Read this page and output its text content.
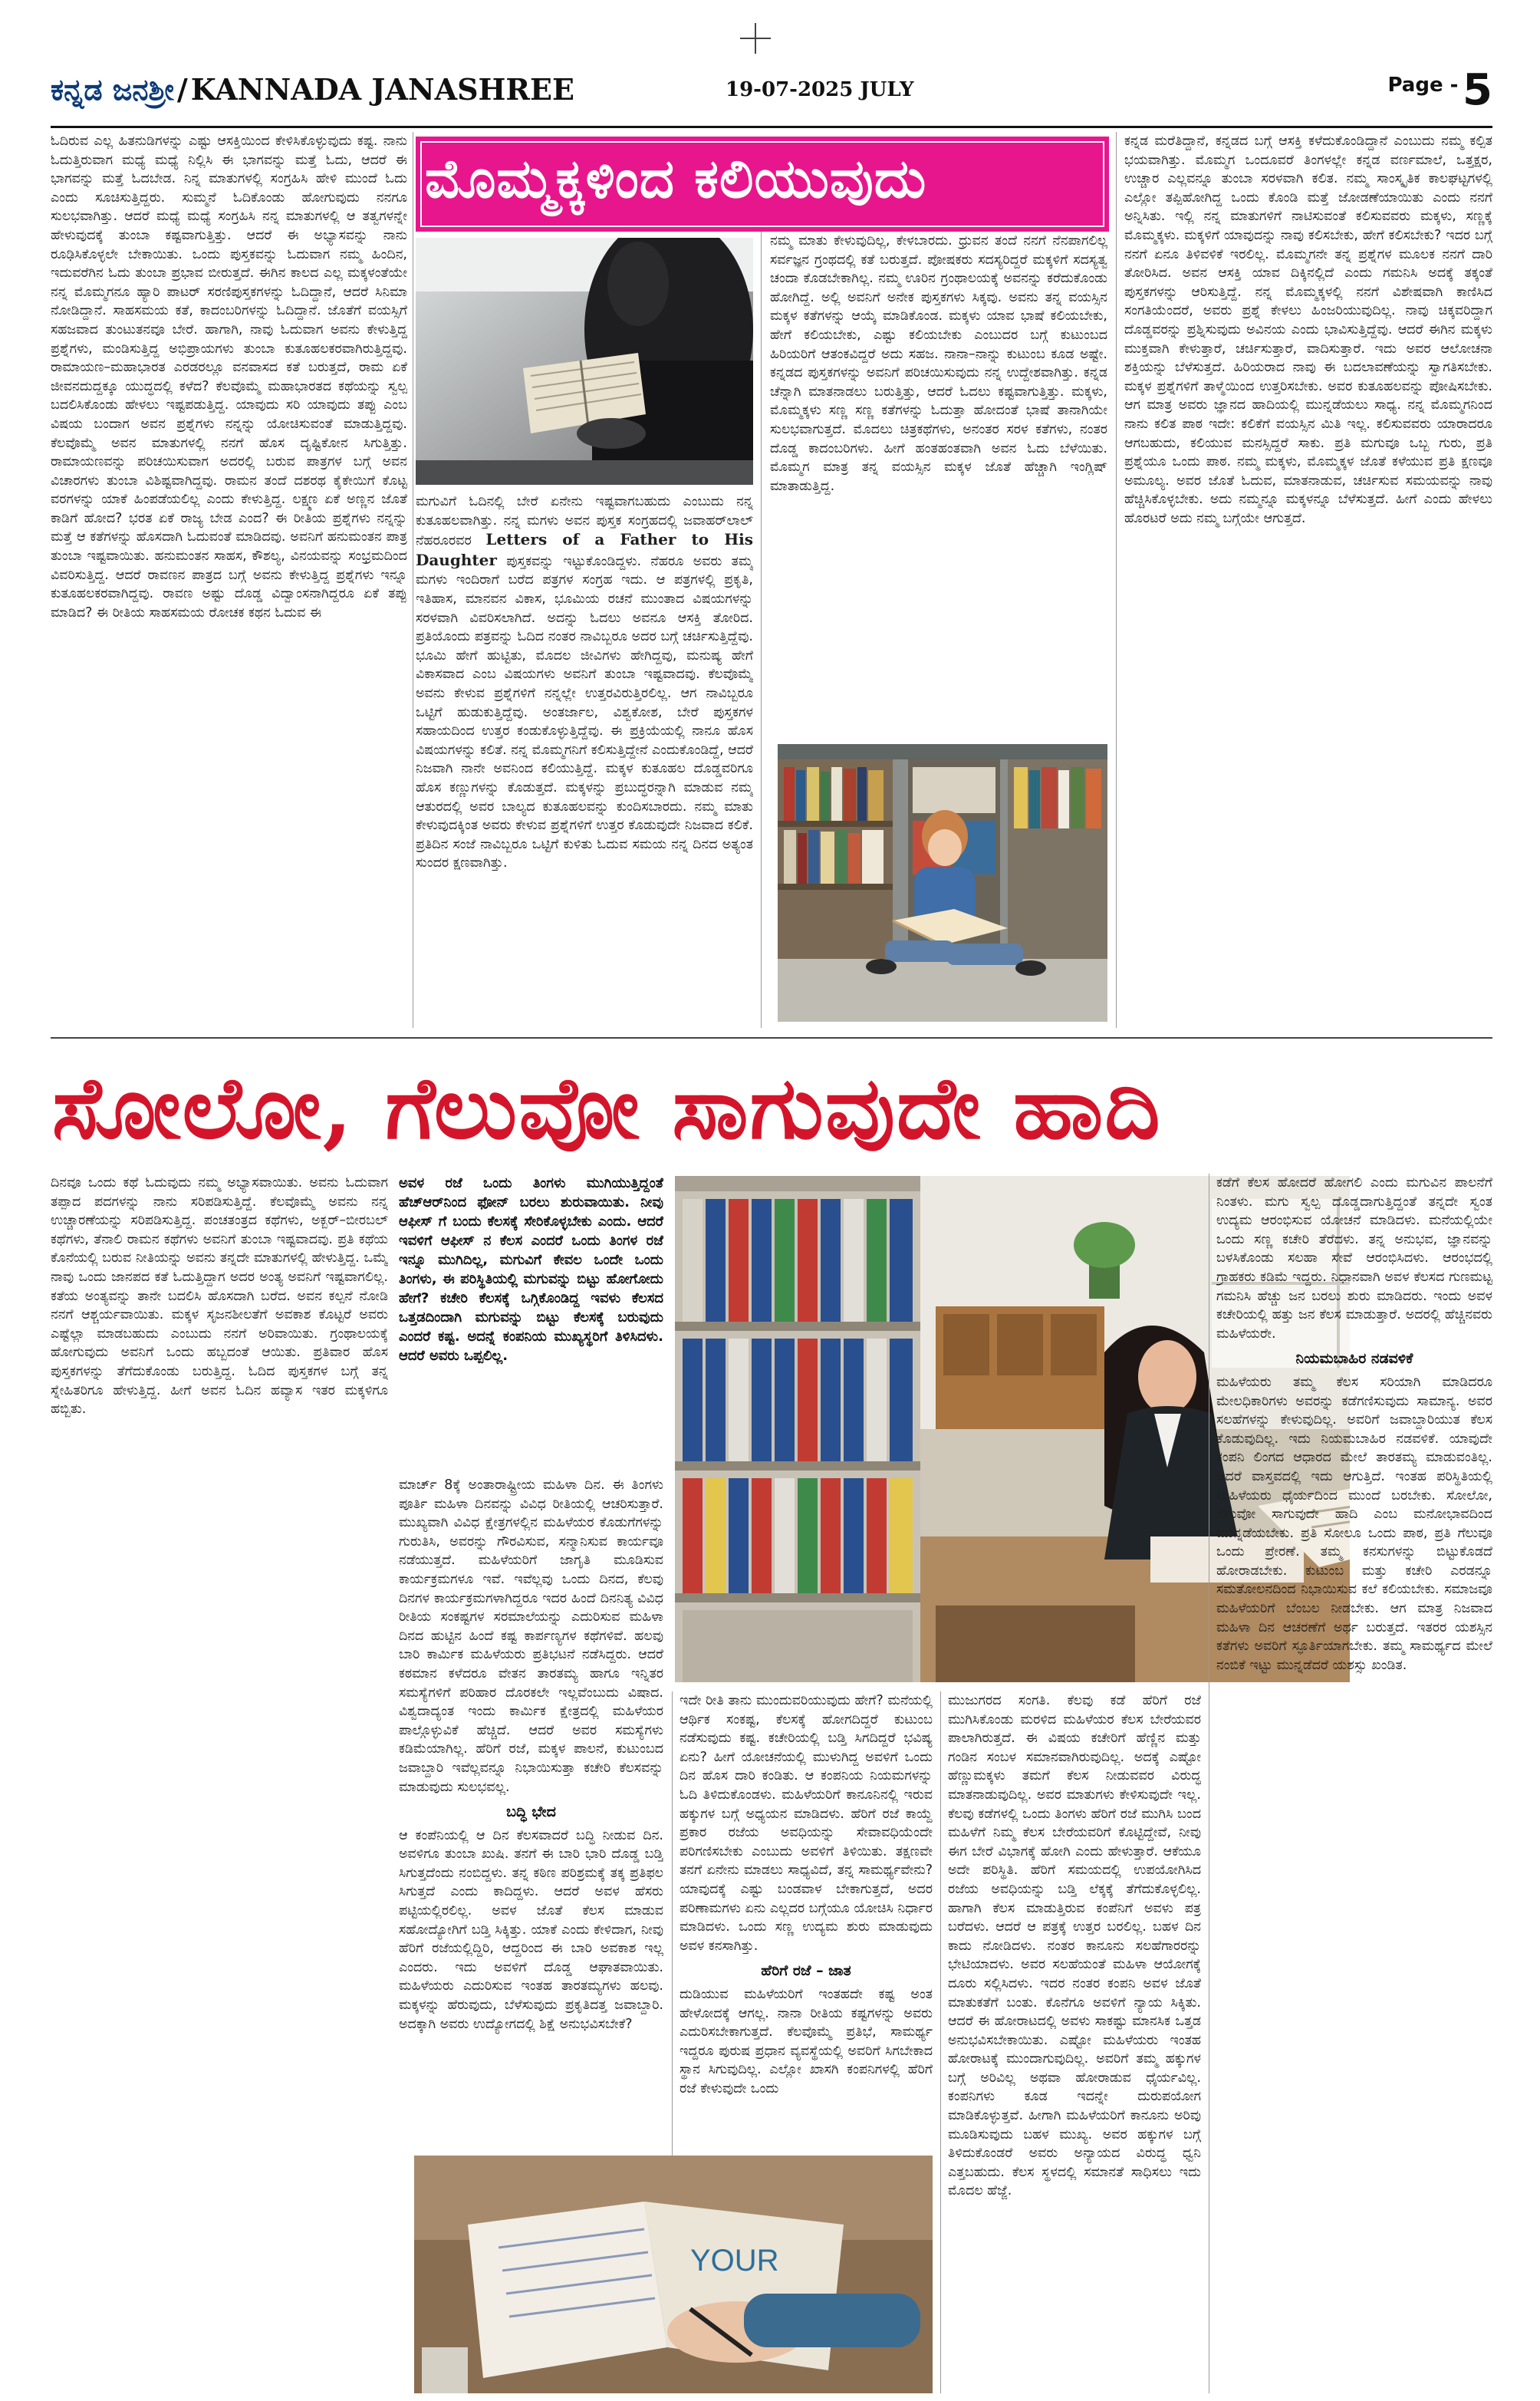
ಕನ್ನಡ ಜನಶ್ರೀ / KANNADA JANASHREE	19-07-2025 JULY	Page - 5
ಓದಿರುವ ಎಲ್ಲ ಹಿತನುಡಿಗಳನ್ನು ಎಷ್ಟು ಆಸಕ್ತಿಯಿಂದ ಕೇಳಿಸಿಕೊಳ್ಳುವುದು ಕಷ್ಟ. ನಾನು ಓದುತ್ತಿರುವಾಗ ಮಧ್ಯೆ ಮಧ್ಯೆ ನಿಲ್ಲಿಸಿ ಈ ಭಾಗವನ್ನು ಮತ್ತೆ ಓದು, ಆದರೆ ಈ ಭಾಗವನ್ನು ಮತ್ತೆ ಓದಬೇಡ. ನಿನ್ನ ಮಾತುಗಳಲ್ಲಿ ಸಂಗ್ರಹಿಸಿ ಹೇಳಿ ಮುಂದೆ ಓದು ಎಂದು ಸೂಚಿಸುತ್ತಿದ್ದರು. ಸುಮ್ಮನೆ ಓದಿಕೊಂಡು ಹೋಗುವುದು ನನಗೂ ಸುಲಭವಾಗಿತ್ತು. ಆದರೆ ಮಧ್ಯೆ ಮಧ್ಯೆ ಸಂಗ್ರಹಿಸಿ ನನ್ನ ಮಾತುಗಳಲ್ಲಿ ಆ ತತ್ವಗಳನ್ನೇ ಹೇಳುವುದಕ್ಕೆ ತುಂಬಾ ಕಷ್ಟವಾಗುತ್ತಿತ್ತು. ಆದರೆ ಈ ಅಭ್ಯಾಸವನ್ನು ನಾನು ರೂಢಿಸಿಕೊಳ್ಳಲೇ ಬೇಕಾಯಿತು. ಒಂದು ಪುಸ್ತಕವನ್ನು ಓದುವಾಗ ನಮ್ಮ ಹಿಂದಿನ, ಇದುವರೆಗಿನ ಓದು ತುಂಬಾ ಪ್ರಭಾವ ಬೀರುತ್ತದೆ. ಈಗಿನ ಕಾಲದ ಎಲ್ಲ ಮಕ್ಕಳಂತೆಯೇ ನನ್ನ ಮೊಮ್ಮಗನೂ ಹ್ಯಾರಿ ಪಾಟರ್ ಸರಣಿಪುಸ್ತಕಗಳನ್ನು ಓದಿದ್ದಾನೆ, ಆದರೆ ಸಿನಿಮಾ ನೋಡಿದ್ದಾನೆ. ಸಾಹಸಮಯ ಕತೆ, ಕಾದಂಬರಿಗಳನ್ನು ಓದಿದ್ದಾನೆ. ಜೊತೆಗೆ ವಯಸ್ಸಿಗೆ ಸಹಜವಾದ ತುಂಟುತನವೂ ಬೇರೆ. ಹಾಗಾಗಿ, ನಾವು ಓದುವಾಗ ಅವನು ಕೇಳುತ್ತಿದ್ದ ಪ್ರಶ್ನೆಗಳು, ಮಂಡಿಸುತ್ತಿದ್ದ ಅಭಿಪ್ರಾಯಗಳು ತುಂಬಾ ಕುತೂಹಲಕರವಾಗಿರುತ್ತಿದ್ದವು. ರಾಮಾಯಣ–ಮಹಾಭಾರತ ಎರಡರಲ್ಲೂ ವನವಾಸದ ಕತೆ ಬರುತ್ತದೆ, ರಾಮ ಏಕೆ ಜೀವನದುದ್ದಕ್ಕೂ ಯುದ್ಧದಲ್ಲಿ ಕಳೆದ? ಕೆಲವೊಮ್ಮೆ ಮಹಾಭಾರತದ ಕಥೆಯನ್ನು ಸ್ವಲ್ಪ ಬದಲಿಸಿಕೊಂಡು ಹೇಳಲು ಇಷ್ಟಪಡುತ್ತಿದ್ದ. ಯಾವುದು ಸರಿ ಯಾವುದು ತಪ್ಪು ಎಂಬ ವಿಷಯ ಬಂದಾಗ ಅವನ ಪ್ರಶ್ನೆಗಳು ನನ್ನನ್ನು ಯೋಚಿಸುವಂತೆ ಮಾಡುತ್ತಿದ್ದವು. ಕೆಲವೊಮ್ಮೆ ಅವನ ಮಾತುಗಳಲ್ಲಿ ನನಗೆ ಹೊಸ ದೃಷ್ಟಿಕೋನ ಸಿಗುತ್ತಿತ್ತು. ರಾಮಾಯಣವನ್ನು ಪರಿಚಯಿಸುವಾಗ ಅದರಲ್ಲಿ ಬರುವ ಪಾತ್ರಗಳ ಬಗ್ಗೆ ಅವನ ವಿಚಾರಗಳು ತುಂಬಾ ವಿಶಿಷ್ಟವಾಗಿದ್ದವು. ರಾಮನ ತಂದೆ ದಶರಥ ಕೈಕೇಯಿಗೆ ಕೊಟ್ಟ ವರಗಳನ್ನು ಯಾಕೆ ಹಿಂಪಡೆಯಲಿಲ್ಲ ಎಂದು ಕೇಳುತ್ತಿದ್ದ. ಲಕ್ಷ್ಮಣ ಏಕೆ ಅಣ್ಣನ ಜೊತೆ ಕಾಡಿಗೆ ಹೋದ? ಭರತ ಏಕೆ ರಾಜ್ಯ ಬೇಡ ಎಂದ? ಈ ರೀತಿಯ ಪ್ರಶ್ನೆಗಳು ನನ್ನನ್ನು ಮತ್ತೆ ಆ ಕತೆಗಳನ್ನು ಹೊಸದಾಗಿ ಓದುವಂತೆ ಮಾಡಿದವು. ಅವನಿಗೆ ಹನುಮಂತನ ಪಾತ್ರ ತುಂಬಾ ಇಷ್ಟವಾಯಿತು. ಹನುಮಂತನ ಸಾಹಸ, ಕೌಶಲ್ಯ, ವಿನಯವನ್ನು ಸಂಭ್ರಮದಿಂದ ವಿವರಿಸುತ್ತಿದ್ದ. ಆದರೆ ರಾವಣನ ಪಾತ್ರದ ಬಗ್ಗೆ ಅವನು ಕೇಳುತ್ತಿದ್ದ ಪ್ರಶ್ನೆಗಳು ಇನ್ನೂ ಕುತೂಹಲಕರವಾಗಿದ್ದವು. ರಾವಣ ಅಷ್ಟು ದೊಡ್ಡ ವಿದ್ವಾಂಸನಾಗಿದ್ದರೂ ಏಕೆ ತಪ್ಪು ಮಾಡಿದ? ಈ ರೀತಿಯ ಸಾಹಸಮಯ ರೋಚಕ ಕಥನ ಓದುವ ಈ
ಮೊಮ್ಮಕ್ಕಳಿಂದ ಕಲಿಯುವುದು
ಮಗುವಿಗೆ ಓದಿನಲ್ಲಿ ಬೇರೆ ಏನೇನು ಇಷ್ಟವಾಗಬಹುದು ಎಂಬುದು ನನ್ನ ಕುತೂಹಲವಾಗಿತ್ತು. ನನ್ನ ಮಗಳು ಅವನ ಪುಸ್ತಕ ಸಂಗ್ರಹದಲ್ಲಿ ಜವಾಹರ್‌ಲಾಲ್ ನೆಹರೂರವರ Letters of a Father to His Daughter ಪುಸ್ತಕವನ್ನು ಇಟ್ಟುಕೊಂಡಿದ್ದಳು. ನೆಹರೂ ಅವರು ತಮ್ಮ ಮಗಳು ಇಂದಿರಾಗೆ ಬರೆದ ಪತ್ರಗಳ ಸಂಗ್ರಹ ಇದು. ಆ ಪತ್ರಗಳಲ್ಲಿ ಪ್ರಕೃತಿ, ಇತಿಹಾಸ, ಮಾನವನ ವಿಕಾಸ, ಭೂಮಿಯ ರಚನೆ ಮುಂತಾದ ವಿಷಯಗಳನ್ನು ಸರಳವಾಗಿ ವಿವರಿಸಲಾಗಿದೆ. ಅದನ್ನು ಓದಲು ಅವನೂ ಆಸಕ್ತಿ ತೋರಿದ. ಪ್ರತಿಯೊಂದು ಪತ್ರವನ್ನು ಓದಿದ ನಂತರ ನಾವಿಬ್ಬರೂ ಅದರ ಬಗ್ಗೆ ಚರ್ಚಿಸುತ್ತಿದ್ದೆವು. ಭೂಮಿ ಹೇಗೆ ಹುಟ್ಟಿತು, ಮೊದಲ ಜೀವಿಗಳು ಹೇಗಿದ್ದವು, ಮನುಷ್ಯ ಹೇಗೆ ವಿಕಾಸವಾದ ಎಂಬ ವಿಷಯಗಳು ಅವನಿಗೆ ತುಂಬಾ ಇಷ್ಟವಾದವು. ಕೆಲವೊಮ್ಮೆ ಅವನು ಕೇಳುವ ಪ್ರಶ್ನೆಗಳಿಗೆ ನನ್ನಲ್ಲೇ ಉತ್ತರವಿರುತ್ತಿರಲಿಲ್ಲ. ಆಗ ನಾವಿಬ್ಬರೂ ಒಟ್ಟಿಗೆ ಹುಡುಕುತ್ತಿದ್ದೆವು. ಅಂತರ್ಜಾಲ, ವಿಶ್ವಕೋಶ, ಬೇರೆ ಪುಸ್ತಕಗಳ ಸಹಾಯದಿಂದ ಉತ್ತರ ಕಂಡುಕೊಳ್ಳುತ್ತಿದ್ದೆವು. ಈ ಪ್ರಕ್ರಿಯೆಯಲ್ಲಿ ನಾನೂ ಹೊಸ ವಿಷಯಗಳನ್ನು ಕಲಿತೆ. ನನ್ನ ಮೊಮ್ಮಗನಿಗೆ ಕಲಿಸುತ್ತಿದ್ದೇನೆ ಎಂದುಕೊಂಡಿದ್ದೆ, ಆದರೆ ನಿಜವಾಗಿ ನಾನೇ ಅವನಿಂದ ಕಲಿಯುತ್ತಿದ್ದೆ. ಮಕ್ಕಳ ಕುತೂಹಲ ದೊಡ್ಡವರಿಗೂ ಹೊಸ ಕಣ್ಣುಗಳನ್ನು ಕೊಡುತ್ತದೆ. ಮಕ್ಕಳನ್ನು ಪ್ರಬುದ್ಧರನ್ನಾಗಿ ಮಾಡುವ ನಮ್ಮ ಆತುರದಲ್ಲಿ ಅವರ ಬಾಲ್ಯದ ಕುತೂಹಲವನ್ನು ಕುಂದಿಸಬಾರದು. ನಮ್ಮ ಮಾತು ಕೇಳುವುದಕ್ಕಿಂತ ಅವರು ಕೇಳುವ ಪ್ರಶ್ನೆಗಳಿಗೆ ಉತ್ತರ ಕೊಡುವುದೇ ನಿಜವಾದ ಕಲಿಕೆ. ಪ್ರತಿದಿನ ಸಂಜೆ ನಾವಿಬ್ಬರೂ ಒಟ್ಟಿಗೆ ಕುಳಿತು ಓದುವ ಸಮಯ ನನ್ನ ದಿನದ ಅತ್ಯಂತ ಸುಂದರ ಕ್ಷಣವಾಗಿತ್ತು.
ನಮ್ಮ ಮಾತು ಕೇಳುವುದಿಲ್ಲ, ಕೇಳಬಾರದು. ಧ್ರುವನ ತಂದೆ ನನಗೆ ನೆನಪಾಗಲಿಲ್ಲ ಸರ್ವಜ್ಞನ ಗ್ರಂಥದಲ್ಲಿ ಕತೆ ಬರುತ್ತದೆ. ಪೋಷಕರು ಸದಸ್ಯರಿದ್ದರೆ ಮಕ್ಕಳಿಗೆ ಸದಸ್ಯತ್ವ ಚಂದಾ ಕೊಡಬೇಕಾಗಿಲ್ಲ. ನಮ್ಮ ಊರಿನ ಗ್ರಂಥಾಲಯಕ್ಕೆ ಅವನನ್ನು ಕರೆದುಕೊಂಡು ಹೋಗಿದ್ದೆ. ಅಲ್ಲಿ ಅವನಿಗೆ ಅನೇಕ ಪುಸ್ತಕಗಳು ಸಿಕ್ಕವು. ಅವನು ತನ್ನ ವಯಸ್ಸಿನ ಮಕ್ಕಳ ಕತೆಗಳನ್ನು ಆಯ್ಕೆ ಮಾಡಿಕೊಂಡ. ಮಕ್ಕಳು ಯಾವ ಭಾಷೆ ಕಲಿಯಬೇಕು, ಹೇಗೆ ಕಲಿಯಬೇಕು, ಎಷ್ಟು ಕಲಿಯಬೇಕು ಎಂಬುದರ ಬಗ್ಗೆ ಕುಟುಂಬದ ಹಿರಿಯರಿಗೆ ಆತಂಕವಿದ್ದರೆ ಅದು ಸಹಜ. ನಾನಾ–ನಾನ್ನು ಕುಟುಂಬ ಕೂಡ ಅಷ್ಟೇ. ಕನ್ನಡದ ಪುಸ್ತಕಗಳನ್ನು ಅವನಿಗೆ ಪರಿಚಯಿಸುವುದು ನನ್ನ ಉದ್ದೇಶವಾಗಿತ್ತು. ಕನ್ನಡ ಚೆನ್ನಾಗಿ ಮಾತನಾಡಲು ಬರುತ್ತಿತ್ತು, ಆದರೆ ಓದಲು ಕಷ್ಟವಾಗುತ್ತಿತ್ತು. ಮಕ್ಕಳು, ಮೊಮ್ಮಕ್ಕಳು ಸಣ್ಣ ಸಣ್ಣ ಕತೆಗಳನ್ನು ಓದುತ್ತಾ ಹೋದಂತೆ ಭಾಷೆ ತಾನಾಗಿಯೇ ಸುಲಭವಾಗುತ್ತದೆ. ಮೊದಲು ಚಿತ್ರಕಥೆಗಳು, ಅನಂತರ ಸರಳ ಕತೆಗಳು, ನಂತರ ದೊಡ್ಡ ಕಾದಂಬರಿಗಳು. ಹೀಗೆ ಹಂತಹಂತವಾಗಿ ಅವನ ಓದು ಬೆಳೆಯಿತು. ಮೊಮ್ಮಗ ಮಾತ್ರ ತನ್ನ ವಯಸ್ಸಿನ ಮಕ್ಕಳ ಜೊತೆ ಹೆಚ್ಚಾಗಿ ಇಂಗ್ಲಿಷ್ ಮಾತಾಡುತ್ತಿದ್ದ.
ಕನ್ನಡ ಮರೆತಿದ್ದಾನೆ, ಕನ್ನಡದ ಬಗ್ಗೆ ಆಸಕ್ತಿ ಕಳೆದುಕೊಂಡಿದ್ದಾನೆ ಎಂಬುದು ನಮ್ಮ ಕಲ್ಪಿತ ಭಯವಾಗಿತ್ತು. ಮೊಮ್ಮಗ ಒಂದೂವರೆ ತಿಂಗಳಲ್ಲೇ ಕನ್ನಡ ವರ್ಣಮಾಲೆ, ಒತ್ತಕ್ಷರ, ಉಚ್ಚಾರ ಎಲ್ಲವನ್ನೂ ತುಂಬಾ ಸರಳವಾಗಿ ಕಲಿತ. ನಮ್ಮ ಸಾಂಸ್ಕೃತಿಕ ಕಾಲಘಟ್ಟಗಳಲ್ಲಿ ಎಲ್ಲೋ ತಪ್ಪಿಹೋಗಿದ್ದ ಒಂದು ಕೊಂಡಿ ಮತ್ತೆ ಜೋಡಣೆಯಾಯಿತು ಎಂದು ನನಗೆ ಅನ್ನಿಸಿತು. ಇಲ್ಲಿ ನನ್ನ ಮಾತುಗಳಿಗೆ ನಾಟಿಸುವಂತೆ ಕಲಿಸುವವರು ಮಕ್ಕಳು, ಸಣ್ಣಕ್ಕೆ ಮೊಮ್ಮಕ್ಕಳು. ಮಕ್ಕಳಿಗೆ ಯಾವುದನ್ನು ನಾವು ಕಲಿಸಬೇಕು, ಹೇಗೆ ಕಲಿಸಬೇಕು? ಇದರ ಬಗ್ಗೆ ನನಗೆ ಏನೂ ತಿಳಿವಳಿಕೆ ಇರಲಿಲ್ಲ. ಮೊಮ್ಮಗನೇ ತನ್ನ ಪ್ರಶ್ನೆಗಳ ಮೂಲಕ ನನಗೆ ದಾರಿ ತೋರಿಸಿದ. ಅವನ ಆಸಕ್ತಿ ಯಾವ ದಿಕ್ಕಿನಲ್ಲಿದೆ ಎಂದು ಗಮನಿಸಿ ಅದಕ್ಕೆ ತಕ್ಕಂತೆ ಪುಸ್ತಕಗಳನ್ನು ಆರಿಸುತ್ತಿದ್ದೆ. ನನ್ನ ಮೊಮ್ಮಕ್ಕಳಲ್ಲಿ ನನಗೆ ವಿಶೇಷವಾಗಿ ಕಾಣಿಸಿದ ಸಂಗತಿಯೆಂದರೆ, ಅವರು ಪ್ರಶ್ನೆ ಕೇಳಲು ಹಿಂಜರಿಯುವುದಿಲ್ಲ. ನಾವು ಚಿಕ್ಕವರಿದ್ದಾಗ ದೊಡ್ಡವರನ್ನು ಪ್ರಶ್ನಿಸುವುದು ಅವಿನಯ ಎಂದು ಭಾವಿಸುತ್ತಿದ್ದೆವು. ಆದರೆ ಈಗಿನ ಮಕ್ಕಳು ಮುಕ್ತವಾಗಿ ಕೇಳುತ್ತಾರೆ, ಚರ್ಚಿಸುತ್ತಾರೆ, ವಾದಿಸುತ್ತಾರೆ. ಇದು ಅವರ ಆಲೋಚನಾ ಶಕ್ತಿಯನ್ನು ಬೆಳೆಸುತ್ತದೆ. ಹಿರಿಯರಾದ ನಾವು ಈ ಬದಲಾವಣೆಯನ್ನು ಸ್ವಾಗತಿಸಬೇಕು. ಮಕ್ಕಳ ಪ್ರಶ್ನೆಗಳಿಗೆ ತಾಳ್ಮೆಯಿಂದ ಉತ್ತರಿಸಬೇಕು. ಅವರ ಕುತೂಹಲವನ್ನು ಪೋಷಿಸಬೇಕು. ಆಗ ಮಾತ್ರ ಅವರು ಜ್ಞಾನದ ಹಾದಿಯಲ್ಲಿ ಮುನ್ನಡೆಯಲು ಸಾಧ್ಯ. ನನ್ನ ಮೊಮ್ಮಗನಿಂದ ನಾನು ಕಲಿತ ಪಾಠ ಇದೇ: ಕಲಿಕೆಗೆ ವಯಸ್ಸಿನ ಮಿತಿ ಇಲ್ಲ. ಕಲಿಸುವವರು ಯಾರಾದರೂ ಆಗಬಹುದು, ಕಲಿಯುವ ಮನಸ್ಸಿದ್ದರೆ ಸಾಕು. ಪ್ರತಿ ಮಗುವೂ ಒಬ್ಬ ಗುರು, ಪ್ರತಿ ಪ್ರಶ್ನೆಯೂ ಒಂದು ಪಾಠ. ನಮ್ಮ ಮಕ್ಕಳು, ಮೊಮ್ಮಕ್ಕಳ ಜೊತೆ ಕಳೆಯುವ ಪ್ರತಿ ಕ್ಷಣವೂ ಅಮೂಲ್ಯ. ಅವರ ಜೊತೆ ಓದುವ, ಮಾತನಾಡುವ, ಚರ್ಚಿಸುವ ಸಮಯವನ್ನು ನಾವು ಹೆಚ್ಚಿಸಿಕೊಳ್ಳಬೇಕು. ಅದು ನಮ್ಮನ್ನೂ ಮಕ್ಕಳನ್ನೂ ಬೆಳೆಸುತ್ತದೆ. ಹೀಗೆ ಎಂದು ಹೇಳಲು ಹೊರಟರೆ ಅದು ನಮ್ಮ ಬಗ್ಗೆಯೇ ಆಗುತ್ತದೆ.
ಸೋಲೋ, ಗೆಲುವೋ ಸಾಗುವುದೇ ಹಾದಿ
ಅವಳ ರಜೆ ಒಂದು ತಿಂಗಳು ಮುಗಿಯುತ್ತಿದ್ದಂತೆ ಹೆಚ್‌ಆರ್‌ನಿಂದ ಫೋನ್ ಬರಲು ಶುರುವಾಯಿತು. ನೀವು ಆಫೀಸ್ ಗೆ ಬಂದು ಕೆಲಸಕ್ಕೆ ಸೇರಿಕೊಳ್ಳಬೇಕು ಎಂದು. ಆದರೆ ಇವಳಿಗೆ ಆಫೀಸ್ ನ ಕೆಲಸ ಎಂದರೆ ಒಂದು ತಿಂಗಳ ರಜೆ ಇನ್ನೂ ಮುಗಿದಿಲ್ಲ, ಮಗುವಿಗೆ ಕೇವಲ ಒಂದೇ ಒಂದು ತಿಂಗಳು, ಈ ಪರಿಸ್ಥಿತಿಯಲ್ಲಿ ಮಗುವನ್ನು ಬಿಟ್ಟು ಹೋಗೋದು ಹೇಗೆ? ಕಚೇರಿ ಕೆಲಸಕ್ಕೆ ಒಗ್ಗಿಕೊಂಡಿದ್ದ ಇವಳು ಕೆಲಸದ ಒತ್ತಡದಿಂದಾಗಿ ಮಗುವನ್ನು ಬಿಟ್ಟು ಕೆಲಸಕ್ಕೆ ಬರುವುದು ಎಂದರೆ ಕಷ್ಟ. ಅದನ್ನೆ ಕಂಪನಿಯ ಮುಖ್ಯಸ್ಥರಿಗೆ ತಿಳಿಸಿದಳು. ಆದರೆ ಅವರು ಒಪ್ಪಲಿಲ್ಲ.
ಮಾರ್ಚ್ 8ಕ್ಕೆ ಅಂತಾರಾಷ್ಟ್ರೀಯ ಮಹಿಳಾ ದಿನ. ಈ ತಿಂಗಳು ಪೂರ್ತಿ ಮಹಿಳಾ ದಿನವನ್ನು ವಿವಿಧ ರೀತಿಯಲ್ಲಿ ಆಚರಿಸುತ್ತಾರೆ. ಮುಖ್ಯವಾಗಿ ವಿವಿಧ ಕ್ಷೇತ್ರಗಳಲ್ಲಿನ ಮಹಿಳೆಯರ ಕೊಡುಗೆಗಳನ್ನು ಗುರುತಿಸಿ, ಅವರನ್ನು ಗೌರವಿಸುವ, ಸನ್ಮಾನಿಸುವ ಕಾರ್ಯವೂ ನಡೆಯುತ್ತದೆ. ಮಹಿಳೆಯರಿಗೆ ಜಾಗೃತಿ ಮೂಡಿಸುವ ಕಾರ್ಯಕ್ರಮಗಳೂ ಇವೆ. ಇವೆಲ್ಲವು ಒಂದು ದಿನದ, ಕೆಲವು ದಿನಗಳ ಕಾರ್ಯಕ್ರಮಗಳಾಗಿದ್ದರೂ ಇದರ ಹಿಂದೆ ದಿನನಿತ್ಯ ವಿವಿಧ ರೀತಿಯ ಸಂಕಷ್ಟಗಳ ಸರಮಾಲೆಯನ್ನು ಎದುರಿಸುವ ಮಹಿಳಾ ದಿನದ ಹುಟ್ಟಿನ ಹಿಂದೆ ಕಷ್ಟ ಕಾರ್ಪಣ್ಯಗಳ ಕಥೆಗಳಿವೆ. ಹಲವು ಬಾರಿ ಕಾರ್ಮಿಕ ಮಹಿಳೆಯರು ಪ್ರತಿಭಟನೆ ನಡೆಸಿದ್ದರು. ಆದರೆ ಕಠಮಾನ ಕಳೆದರೂ ವೇತನ ತಾರತಮ್ಯ ಹಾಗೂ ಇನ್ನಿತರ ಸಮಸ್ಯೆಗಳಿಗೆ ಪರಿಹಾರ ದೊರಕಲೇ ಇಲ್ಲವೆಂಬುದು ವಿಷಾದ. ವಿಶ್ವದಾದ್ಯಂತ ಇಂದು ಕಾರ್ಮಿಕ ಕ್ಷೇತ್ರದಲ್ಲಿ ಮಹಿಳೆಯರ ಪಾಲ್ಗೊಳ್ಳುವಿಕೆ ಹೆಚ್ಚಿದೆ. ಆದರೆ ಅವರ ಸಮಸ್ಯೆಗಳು ಕಡಿಮೆಯಾಗಿಲ್ಲ. ಹೆರಿಗೆ ರಜೆ, ಮಕ್ಕಳ ಪಾಲನೆ, ಕುಟುಂಬದ ಜವಾಬ್ದಾರಿ ಇವೆಲ್ಲವನ್ನೂ ನಿಭಾಯಿಸುತ್ತಾ ಕಚೇರಿ ಕೆಲಸವನ್ನು ಮಾಡುವುದು ಸುಲಭವಲ್ಲ.
ಬದ್ಧಿ ಭೇದ
ಆ ಕಂಪೆನಿಯಲ್ಲಿ ಆ ದಿನ ಕೆಲಸವಾದರೆ ಬದ್ಧಿ ನೀಡುವ ದಿನ. ಅವಳಿಗೂ ತುಂಬಾ ಖುಷಿ. ತನಗೆ ಈ ಬಾರಿ ಭಾರಿ ದೊಡ್ಡ ಬಡ್ತಿ ಸಿಗುತ್ತದೆಂದು ನಂಬಿದ್ದಳು. ತನ್ನ ಕಠಿಣ ಪರಿಶ್ರಮಕ್ಕೆ ತಕ್ಕ ಪ್ರತಿಫಲ ಸಿಗುತ್ತದೆ ಎಂದು ಕಾದಿದ್ದಳು. ಆದರೆ ಅವಳ ಹೆಸರು ಪಟ್ಟಿಯಲ್ಲಿರಲಿಲ್ಲ. ಅವಳ ಜೊತೆ ಕೆಲಸ ಮಾಡುವ ಸಹೋದ್ಯೋಗಿಗೆ ಬಡ್ತಿ ಸಿಕ್ಕಿತ್ತು. ಯಾಕೆ ಎಂದು ಕೇಳಿದಾಗ, ನೀವು ಹೆರಿಗೆ ರಜೆಯಲ್ಲಿದ್ದಿರಿ, ಆದ್ದರಿಂದ ಈ ಬಾರಿ ಅವಕಾಶ ಇಲ್ಲ ಎಂದರು. ಇದು ಅವಳಿಗೆ ದೊಡ್ಡ ಆಘಾತವಾಯಿತು. ಮಹಿಳೆಯರು ಎದುರಿಸುವ ಇಂತಹ ತಾರತಮ್ಯಗಳು ಹಲವು. ಮಕ್ಕಳನ್ನು ಹೆರುವುದು, ಬೆಳೆಸುವುದು ಪ್ರಕೃತಿದತ್ತ ಜವಾಬ್ದಾರಿ. ಅದಕ್ಕಾಗಿ ಅವರು ಉದ್ಯೋಗದಲ್ಲಿ ಶಿಕ್ಷೆ ಅನುಭವಿಸಬೇಕೆ?
ಇದೇ ರೀತಿ ತಾನು ಮುಂದುವರಿಯುವುದು ಹೇಗೆ? ಮನೆಯಲ್ಲಿ ಆರ್ಥಿಕ ಸಂಕಷ್ಟ, ಕೆಲಸಕ್ಕೆ ಹೋಗದಿದ್ದರೆ ಕುಟುಂಬ ನಡೆಸುವುದು ಕಷ್ಟ. ಕಚೇರಿಯಲ್ಲಿ ಬಡ್ತಿ ಸಿಗದಿದ್ದರೆ ಭವಿಷ್ಯ ಏನು? ಹೀಗೆ ಯೋಚನೆಯಲ್ಲಿ ಮುಳುಗಿದ್ದ ಅವಳಿಗೆ ಒಂದು ದಿನ ಹೊಸ ದಾರಿ ಕಂಡಿತು. ಆ ಕಂಪನಿಯ ನಿಯಮಗಳನ್ನು ಓದಿ ತಿಳಿದುಕೊಂಡಳು. ಮಹಿಳೆಯರಿಗೆ ಕಾನೂನಿನಲ್ಲಿ ಇರುವ ಹಕ್ಕುಗಳ ಬಗ್ಗೆ ಅಧ್ಯಯನ ಮಾಡಿದಳು. ಹೆರಿಗೆ ರಜೆ ಕಾಯ್ದೆ ಪ್ರಕಾರ ರಜೆಯ ಅವಧಿಯನ್ನು ಸೇವಾವಧಿಯೆಂದೇ ಪರಿಗಣಿಸಬೇಕು ಎಂಬುದು ಅವಳಿಗೆ ತಿಳಿಯಿತು. ತಕ್ಷಣವೇ ತನಗೆ ಏನೇನು ಮಾಡಲು ಸಾಧ್ಯವಿದೆ, ತನ್ನ ಸಾಮರ್ಥ್ಯವೇನು? ಯಾವುದಕ್ಕೆ ಎಷ್ಟು ಬಂಡವಾಳ ಬೇಕಾಗುತ್ತದೆ, ಅದರ ಪರಿಣಾಮಗಳು ಏನು ಎಲ್ಲದರ ಬಗ್ಗೆಯೂ ಯೋಚಿಸಿ ನಿರ್ಧಾರ ಮಾಡಿದಳು. ಒಂದು ಸಣ್ಣ ಉದ್ಯಮ ಶುರು ಮಾಡುವುದು ಅವಳ ಕನಸಾಗಿತ್ತು.
ಹೆರಿಗೆ ರಜೆ – ಜಾತ
ದುಡಿಯುವ ಮಹಿಳೆಯರಿಗೆ ಇಂತಹದೇ ಕಷ್ಟ ಅಂತ ಹೇಳೋದಕ್ಕೆ ಆಗಲ್ಲ. ನಾನಾ ರೀತಿಯ ಕಷ್ಟಗಳನ್ನು ಅವರು ಎದುರಿಸಬೇಕಾಗುತ್ತದೆ. ಕೆಲವೊಮ್ಮೆ ಪ್ರತಿಭೆ, ಸಾಮರ್ಥ್ಯ ಇದ್ದರೂ ಪುರುಷ ಪ್ರಧಾನ ವ್ಯವಸ್ಥೆಯಲ್ಲಿ ಅವರಿಗೆ ಸಿಗಬೇಕಾದ ಸ್ಥಾನ ಸಿಗುವುದಿಲ್ಲ. ಎಲ್ಲೋ ಖಾಸಗಿ ಕಂಪನಿಗಳಲ್ಲಿ ಹೆರಿಗೆ ರಜೆ ಕೇಳುವುದೇ ಒಂದು
YOUR
ಮುಜುಗರದ ಸಂಗತಿ. ಕೆಲವು ಕಡೆ ಹೆರಿಗೆ ರಜೆ ಮುಗಿಸಿಕೊಂಡು ಮರಳಿದ ಮಹಿಳೆಯರ ಕೆಲಸ ಬೇರೆಯವರ ಪಾಲಾಗಿರುತ್ತದೆ. ಈ ವಿಷಯ ಕಚೇರಿಗೆ ಹೆಣ್ಣಿನ ಮತ್ತು ಗಂಡಿನ ಸಂಬಳ ಸಮಾನವಾಗಿರುವುದಿಲ್ಲ. ಅದಕ್ಕೆ ಎಷ್ಟೋ ಹೆಣ್ಣುಮಕ್ಕಳು ತಮಗೆ ಕೆಲಸ ನೀಡುವವರ ವಿರುದ್ಧ ಮಾತನಾಡುವುದಿಲ್ಲ. ಅವರ ಮಾತುಗಳು ಕೇಳಿಸುವುದೇ ಇಲ್ಲ. ಕೆಲವು ಕಡೆಗಳಲ್ಲಿ ಒಂದು ತಿಂಗಳು ಹೆರಿಗೆ ರಜೆ ಮುಗಿಸಿ ಬಂದ ಮಹಿಳೆಗೆ ನಿಮ್ಮ ಕೆಲಸ ಬೇರೆಯವರಿಗೆ ಕೊಟ್ಟಿದ್ದೇವೆ, ನೀವು ಈಗ ಬೇರೆ ವಿಭಾಗಕ್ಕೆ ಹೋಗಿ ಎಂದು ಹೇಳುತ್ತಾರೆ. ಆಕೆಯೂ ಅದೇ ಪರಿಸ್ಥಿತಿ. ಹೆರಿಗೆ ಸಮಯದಲ್ಲಿ ಉಪಯೋಗಿಸಿದ ರಜೆಯ ಅವಧಿಯನ್ನು ಬಡ್ತಿ ಲೆಕ್ಕಕ್ಕೆ ತೆಗೆದುಕೊಳ್ಳಲಿಲ್ಲ. ಹಾಗಾಗಿ ಕೆಲಸ ಮಾಡುತ್ತಿರುವ ಕಂಪೆನಿಗೆ ಅವಳು ಪತ್ರ ಬರೆದಳು. ಆದರೆ ಆ ಪತ್ರಕ್ಕೆ ಉತ್ತರ ಬರಲಿಲ್ಲ. ಬಹಳ ದಿನ ಕಾದು ನೋಡಿದಳು. ನಂತರ ಕಾನೂನು ಸಲಹೆಗಾರರನ್ನು ಭೇಟಿಯಾದಳು. ಅವರ ಸಲಹೆಯಂತೆ ಮಹಿಳಾ ಆಯೋಗಕ್ಕೆ ದೂರು ಸಲ್ಲಿಸಿದಳು. ಇದರ ನಂತರ ಕಂಪನಿ ಅವಳ ಜೊತೆ ಮಾತುಕತೆಗೆ ಬಂತು. ಕೊನೆಗೂ ಅವಳಿಗೆ ನ್ಯಾಯ ಸಿಕ್ಕಿತು. ಆದರೆ ಈ ಹೋರಾಟದಲ್ಲಿ ಅವಳು ಸಾಕಷ್ಟು ಮಾನಸಿಕ ಒತ್ತಡ ಅನುಭವಿಸಬೇಕಾಯಿತು. ಎಷ್ಟೋ ಮಹಿಳೆಯರು ಇಂತಹ ಹೋರಾಟಕ್ಕೆ ಮುಂದಾಗುವುದಿಲ್ಲ. ಅವರಿಗೆ ತಮ್ಮ ಹಕ್ಕುಗಳ ಬಗ್ಗೆ ಅರಿವಿಲ್ಲ ಅಥವಾ ಹೋರಾಡುವ ಧೈರ್ಯವಿಲ್ಲ. ಕಂಪನಿಗಳು ಕೂಡ ಇದನ್ನೇ ದುರುಪಯೋಗ ಮಾಡಿಕೊಳ್ಳುತ್ತವೆ. ಹೀಗಾಗಿ ಮಹಿಳೆಯರಿಗೆ ಕಾನೂನು ಅರಿವು ಮೂಡಿಸುವುದು ಬಹಳ ಮುಖ್ಯ. ಅವರ ಹಕ್ಕುಗಳ ಬಗ್ಗೆ ತಿಳಿದುಕೊಂಡರೆ ಅವರು ಅನ್ಯಾಯದ ವಿರುದ್ಧ ಧ್ವನಿ ಎತ್ತಬಹುದು. ಕೆಲಸ ಸ್ಥಳದಲ್ಲಿ ಸಮಾನತೆ ಸಾಧಿಸಲು ಇದು ಮೊದಲ ಹೆಜ್ಜೆ.
ಕಡೆಗೆ ಕೆಲಸ ಹೋದರೆ ಹೋಗಲಿ ಎಂದು ಮಗುವಿನ ಪಾಲನೆಗೆ ನಿಂತಳು. ಮಗು ಸ್ವಲ್ಪ ದೊಡ್ಡದಾಗುತ್ತಿದ್ದಂತೆ ತನ್ನದೇ ಸ್ವಂತ ಉದ್ಯಮ ಆರಂಭಿಸುವ ಯೋಚನೆ ಮಾಡಿದಳು. ಮನೆಯಲ್ಲಿಯೇ ಒಂದು ಸಣ್ಣ ಕಚೇರಿ ತೆರೆದಳು. ತನ್ನ ಅನುಭವ, ಜ್ಞಾನವನ್ನು ಬಳಸಿಕೊಂಡು ಸಲಹಾ ಸೇವೆ ಆರಂಭಿಸಿದಳು. ಆರಂಭದಲ್ಲಿ ಗ್ರಾಹಕರು ಕಡಿಮೆ ಇದ್ದರು. ನಿಧಾನವಾಗಿ ಅವಳ ಕೆಲಸದ ಗುಣಮಟ್ಟ ಗಮನಿಸಿ ಹೆಚ್ಚು ಜನ ಬರಲು ಶುರು ಮಾಡಿದರು. ಇಂದು ಅವಳ ಕಚೇರಿಯಲ್ಲಿ ಹತ್ತು ಜನ ಕೆಲಸ ಮಾಡುತ್ತಾರೆ. ಅದರಲ್ಲಿ ಹೆಚ್ಚಿನವರು ಮಹಿಳೆಯರೇ.
ನಿಯಮಬಾಹಿರ ನಡವಳಿಕೆ
ಮಹಿಳೆಯರು ತಮ್ಮ ಕೆಲಸ ಸರಿಯಾಗಿ ಮಾಡಿದರೂ ಮೇಲಧಿಕಾರಿಗಳು ಅವರನ್ನು ಕಡೆಗಣಿಸುವುದು ಸಾಮಾನ್ಯ. ಅವರ ಸಲಹೆಗಳನ್ನು ಕೇಳುವುದಿಲ್ಲ. ಅವರಿಗೆ ಜವಾಬ್ದಾರಿಯುತ ಕೆಲಸ ಕೊಡುವುದಿಲ್ಲ. ಇದು ನಿಯಮಬಾಹಿರ ನಡವಳಿಕೆ. ಯಾವುದೇ ಕಂಪನಿ ಲಿಂಗದ ಆಧಾರದ ಮೇಲೆ ತಾರತಮ್ಯ ಮಾಡುವಂತಿಲ್ಲ. ಆದರೆ ವಾಸ್ತವದಲ್ಲಿ ಇದು ಆಗುತ್ತಿದೆ. ಇಂತಹ ಪರಿಸ್ಥಿತಿಯಲ್ಲಿ ಮಹಿಳೆಯರು ಧೈರ್ಯದಿಂದ ಮುಂದೆ ಬರಬೇಕು. ಸೋಲೋ, ಗೆಲುವೋ ಸಾಗುವುದೇ ಹಾದಿ ಎಂಬ ಮನೋಭಾವದಿಂದ ಮುನ್ನಡೆಯಬೇಕು. ಪ್ರತಿ ಸೋಲೂ ಒಂದು ಪಾಠ, ಪ್ರತಿ ಗೆಲುವೂ ಒಂದು ಪ್ರೇರಣೆ. ತಮ್ಮ ಕನಸುಗಳನ್ನು ಬಿಟ್ಟುಕೊಡದೆ ಹೋರಾಡಬೇಕು. ಕುಟುಂಬ ಮತ್ತು ಕಚೇರಿ ಎರಡನ್ನೂ ಸಮತೋಲನದಿಂದ ನಿಭಾಯಿಸುವ ಕಲೆ ಕಲಿಯಬೇಕು. ಸಮಾಜವೂ ಮಹಿಳೆಯರಿಗೆ ಬೆಂಬಲ ನೀಡಬೇಕು. ಆಗ ಮಾತ್ರ ನಿಜವಾದ ಮಹಿಳಾ ದಿನ ಆಚರಣೆಗೆ ಅರ್ಥ ಬರುತ್ತದೆ. ಇತರರ ಯಶಸ್ಸಿನ ಕತೆಗಳು ಅವರಿಗೆ ಸ್ಫೂರ್ತಿಯಾಗಬೇಕು. ತಮ್ಮ ಸಾಮರ್ಥ್ಯದ ಮೇಲೆ ನಂಬಿಕೆ ಇಟ್ಟು ಮುನ್ನಡೆದರೆ ಯಶಸ್ಸು ಖಂಡಿತ.
ದಿನವೂ ಒಂದು ಕಥೆ ಓದುವುದು ನಮ್ಮ ಅಭ್ಯಾಸವಾಯಿತು. ಅವನು ಓದುವಾಗ ತಪ್ಪಾದ ಪದಗಳನ್ನು ನಾನು ಸರಿಪಡಿಸುತ್ತಿದ್ದೆ. ಕೆಲವೊಮ್ಮೆ ಅವನು ನನ್ನ ಉಚ್ಚಾರಣೆಯನ್ನು ಸರಿಪಡಿಸುತ್ತಿದ್ದ. ಪಂಚತಂತ್ರದ ಕಥೆಗಳು, ಅಕ್ಬರ್–ಬೀರಬಲ್ ಕಥೆಗಳು, ತೆನಾಲಿ ರಾಮನ ಕಥೆಗಳು ಅವನಿಗೆ ತುಂಬಾ ಇಷ್ಟವಾದವು. ಪ್ರತಿ ಕಥೆಯ ಕೊನೆಯಲ್ಲಿ ಬರುವ ನೀತಿಯನ್ನು ಅವನು ತನ್ನದೇ ಮಾತುಗಳಲ್ಲಿ ಹೇಳುತ್ತಿದ್ದ. ಒಮ್ಮೆ ನಾವು ಒಂದು ಜಾನಪದ ಕತೆ ಓದುತ್ತಿದ್ದಾಗ ಅದರ ಅಂತ್ಯ ಅವನಿಗೆ ಇಷ್ಟವಾಗಲಿಲ್ಲ. ಕತೆಯ ಅಂತ್ಯವನ್ನು ತಾನೇ ಬದಲಿಸಿ ಹೊಸದಾಗಿ ಬರೆದ. ಅವನ ಕಲ್ಪನೆ ನೋಡಿ ನನಗೆ ಆಶ್ಚರ್ಯವಾಯಿತು. ಮಕ್ಕಳ ಸೃಜನಶೀಲತೆಗೆ ಅವಕಾಶ ಕೊಟ್ಟರೆ ಅವರು ಎಷ್ಟೆಲ್ಲಾ ಮಾಡಬಹುದು ಎಂಬುದು ನನಗೆ ಅರಿವಾಯಿತು. ಗ್ರಂಥಾಲಯಕ್ಕೆ ಹೋಗುವುದು ಅವನಿಗೆ ಒಂದು ಹಬ್ಬದಂತೆ ಆಯಿತು. ಪ್ರತಿವಾರ ಹೊಸ ಪುಸ್ತಕಗಳನ್ನು ತೆಗೆದುಕೊಂಡು ಬರುತ್ತಿದ್ದ. ಓದಿದ ಪುಸ್ತಕಗಳ ಬಗ್ಗೆ ತನ್ನ ಸ್ನೇಹಿತರಿಗೂ ಹೇಳುತ್ತಿದ್ದ. ಹೀಗೆ ಅವನ ಓದಿನ ಹವ್ಯಾಸ ಇತರ ಮಕ್ಕಳಿಗೂ ಹಬ್ಬಿತು.
